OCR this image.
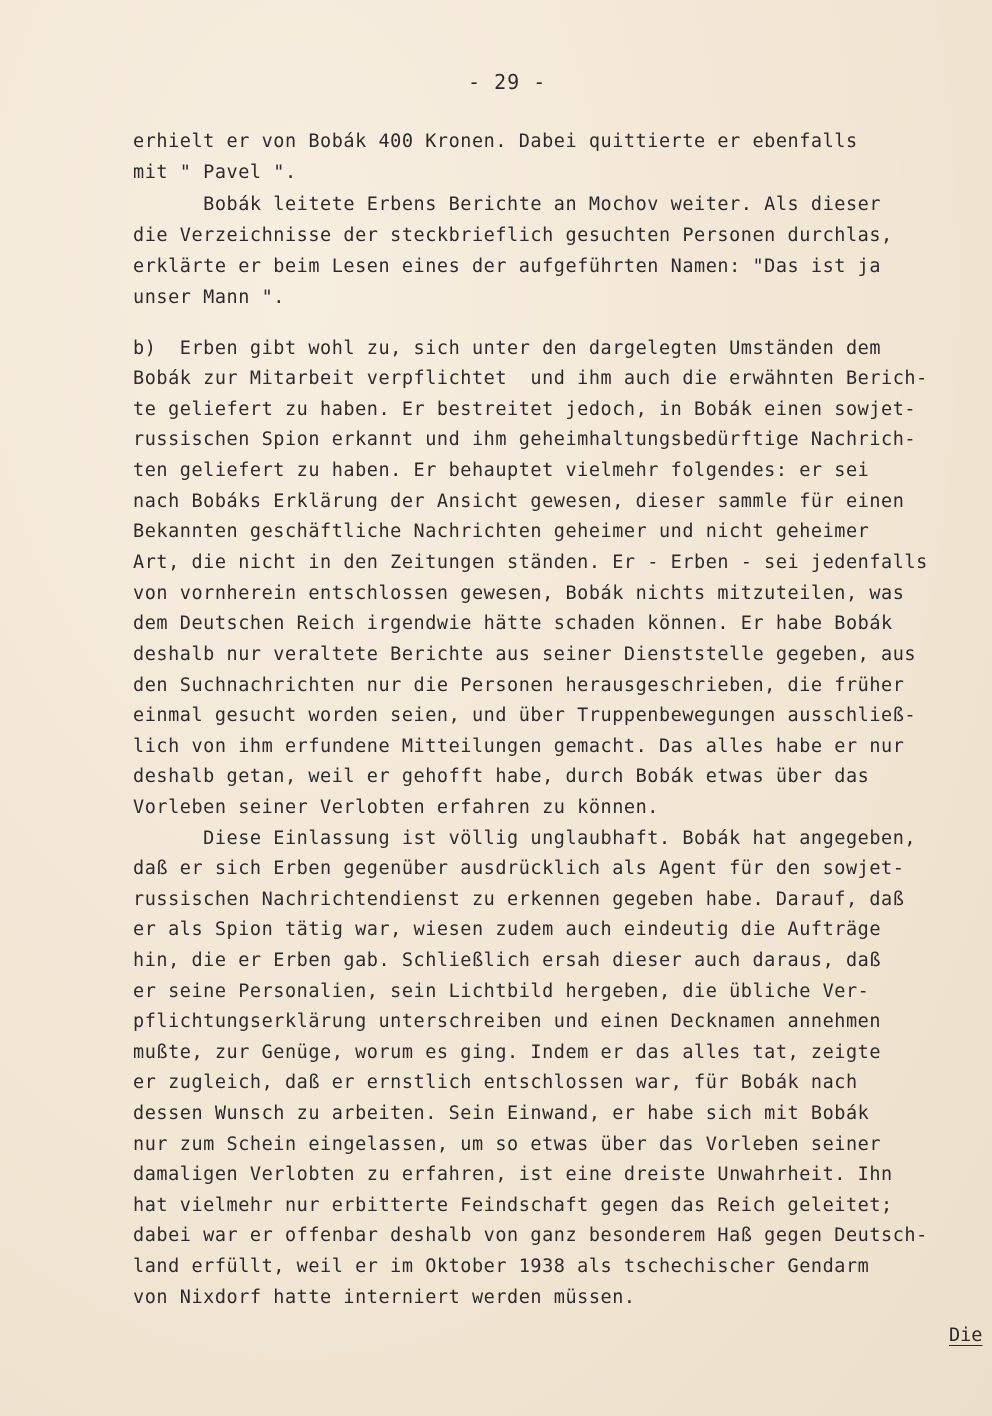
- 29 -
erhielt er von Bobák 400 Kronen. Dabei quittierte er ebenfalls
mit " Pavel ".
Bobák leitete Erbens Berichte an Mochov weiter. Als dieser
die Verzeichnisse der steckbrieflich gesuchten Personen durchlas,
erklärte er beim Lesen eines der aufgeführten Namen: "Das ist ja
unser Mann ".
b)  Erben gibt wohl zu, sich unter den dargelegten Umständen dem
Bobák zur Mitarbeit verpflichtet  und ihm auch die erwähnten Berich-
te geliefert zu haben. Er bestreitet jedoch, in Bobák einen sowjet-
russischen Spion erkannt und ihm geheimhaltungsbedürftige Nachrich-
ten geliefert zu haben. Er behauptet vielmehr folgendes: er sei
nach Bobáks Erklärung der Ansicht gewesen, dieser sammle für einen
Bekannten geschäftliche Nachrichten geheimer und nicht geheimer
Art, die nicht in den Zeitungen ständen. Er - Erben - sei jedenfalls
von vornherein entschlossen gewesen, Bobák nichts mitzuteilen, was
dem Deutschen Reich irgendwie hätte schaden können. Er habe Bobák
deshalb nur veraltete Berichte aus seiner Dienststelle gegeben, aus
den Suchnachrichten nur die Personen herausgeschrieben, die früher
einmal gesucht worden seien, und über Truppenbewegungen ausschließ-
lich von ihm erfundene Mitteilungen gemacht. Das alles habe er nur
deshalb getan, weil er gehofft habe, durch Bobák etwas über das
Vorleben seiner Verlobten erfahren zu können.
Diese Einlassung ist völlig unglaubhaft. Bobák hat angegeben,
daß er sich Erben gegenüber ausdrücklich als Agent für den sowjet-
russischen Nachrichtendienst zu erkennen gegeben habe. Darauf, daß
er als Spion tätig war, wiesen zudem auch eindeutig die Aufträge
hin, die er Erben gab. Schließlich ersah dieser auch daraus, daß
er seine Personalien, sein Lichtbild hergeben, die übliche Ver-
pflichtungserklärung unterschreiben und einen Decknamen annehmen
mußte, zur Genüge, worum es ging. Indem er das alles tat, zeigte
er zugleich, daß er ernstlich entschlossen war, für Bobák nach
dessen Wunsch zu arbeiten. Sein Einwand, er habe sich mit Bobák
nur zum Schein eingelassen, um so etwas über das Vorleben seiner
damaligen Verlobten zu erfahren, ist eine dreiste Unwahrheit. Ihn
hat vielmehr nur erbitterte Feindschaft gegen das Reich geleitet;
dabei war er offenbar deshalb von ganz besonderem Haß gegen Deutsch-
land erfüllt, weil er im Oktober 1938 als tschechischer Gendarm
von Nixdorf hatte interniert werden müssen.
Die
